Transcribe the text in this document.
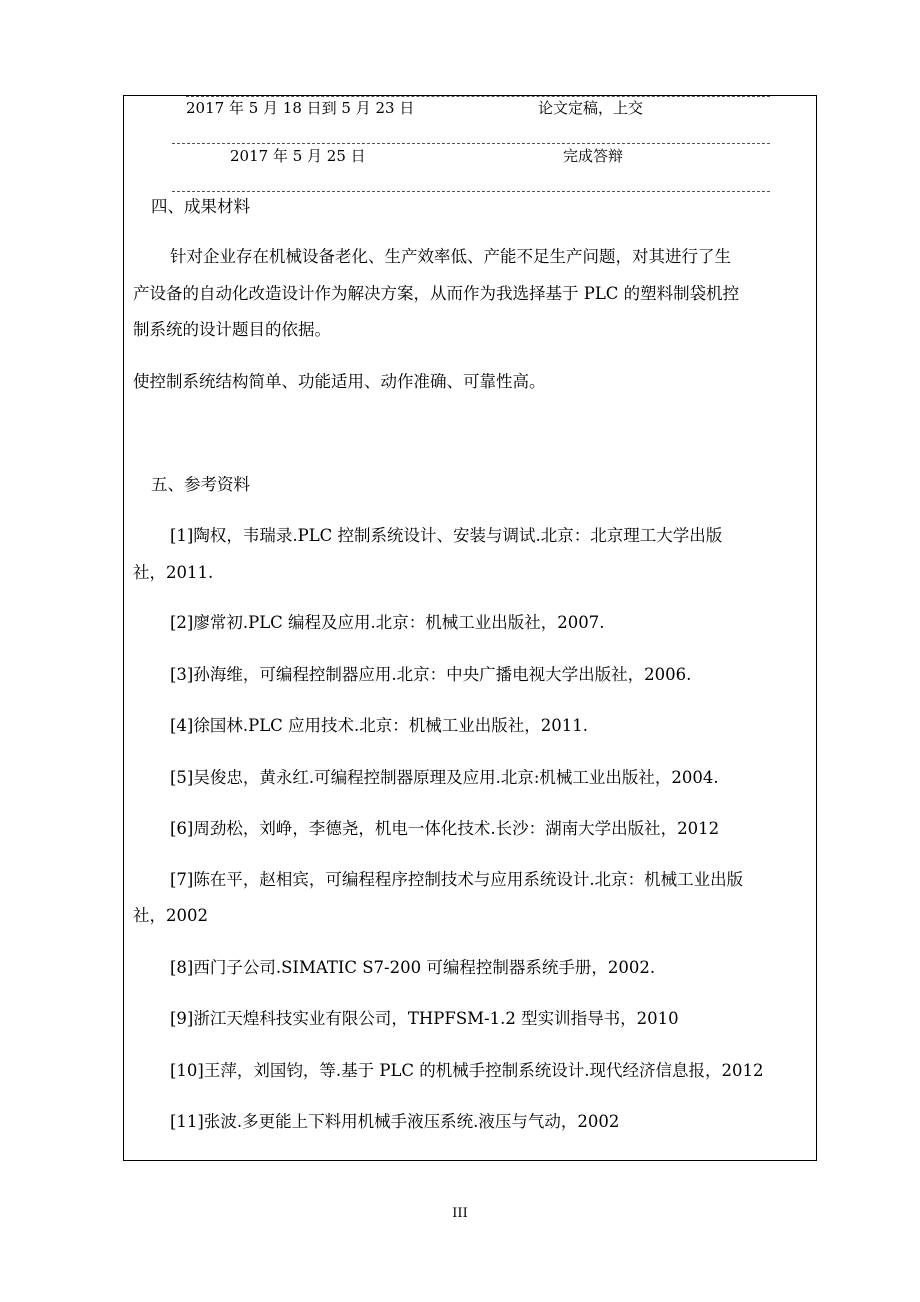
2017 年 5 月 18 日到 5 月 23 日	论文定稿，上交
2017 年 5 月 25 日	完成答辩
四、成果材料
针对企业存在机械设备老化、生产效率低、产能不足生产问题，对其进行了生
产设备的自动化改造设计作为解决方案，从而作为我选择基于 PLC 的塑料制袋机控
制系统的设计题目的依据。
使控制系统结构简单、功能适用、动作准确、可靠性高。
五、参考资料
[1]陶权，韦瑞录.PLC 控制系统设计、安装与调试.北京：北京理工大学出版
社，2011.
[2]廖常初.PLC 编程及应用.北京：机械工业出版社，2007.
[3]孙海维，可编程控制器应用.北京：中央广播电视大学出版社，2006.
[4]徐国林.PLC 应用技术.北京：机械工业出版社，2011.
[5]吴俊忠，黄永红.可编程控制器原理及应用.北京:机械工业出版社，2004.
[6]周劲松，刘峥，李德尧，机电一体化技术.长沙：湖南大学出版社，2012
[7]陈在平，赵相宾，可编程程序控制技术与应用系统设计.北京：机械工业出版
社，2002
[8]西门子公司.SIMATIC S7-200 可编程控制器系统手册，2002.
[9]浙江天煌科技实业有限公司，THPFSM-1.2 型实训指导书，2010
[10]王萍，刘国钧，等.基于 PLC 的机械手控制系统设计.现代经济信息报，2012
[11]张波.多更能上下料用机械手液压系统.液压与气动，2002
III
